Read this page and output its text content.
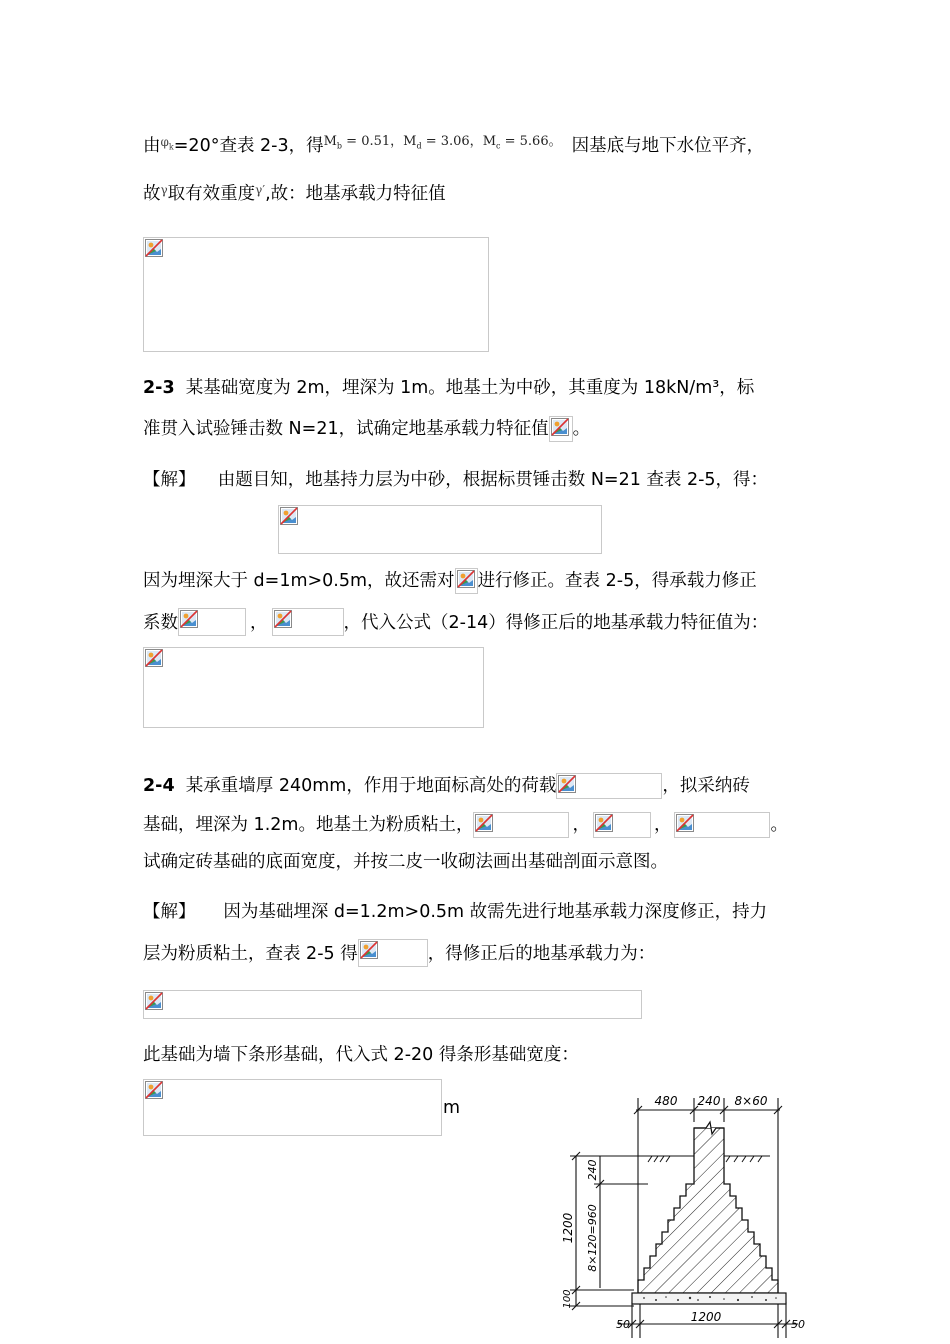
由$^{\varphi_k}$=20°查表 2-3，得$^{M_b = 0.51,M_d = 3.06,M_c = 5.66。}$ 因基底与地下水位平齐，
故$^\gamma$取有效重度$^{\gamma'}$,故：地基承载力特征值
2-3 某基础宽度为 2m，埋深为 1m。地基土为中砂，其重度为 18kN/m³，标
准贯入试验锤击数 N=21，试确定地基承载力特征值 。
【解】 由题目知，地基持力层为中砂，根据标贯锤击数 N=21 查表 2-5，得：
因为埋深大于 d=1m>0.5m，故还需对 进行修正。查表 2-5，得承载力修正
系数	，	，代入公式（2-14）得修正后的地基承载力特征值为：
2-4 某承重墙厚 240mm，作用于地面标高处的荷载	，拟采纳砖
基础，埋深为 1.2m。地基土为粉质粘土，	，	，	。
试确定砖基础的底面宽度，并按二皮一收砌法画出基础剖面示意图。
【解】 因为基础埋深 d=1.2m>0.5m 故需先进行地基承载力深度修正，持力
层为粉质粘土，查表 2-5 得	，得修正后的地基承载力为：
此基础为墙下条形基础，代入式 2-20 得条形基础宽度：
m	480 240 8×60
240
1200 8×120=960
100
50
1200
50
